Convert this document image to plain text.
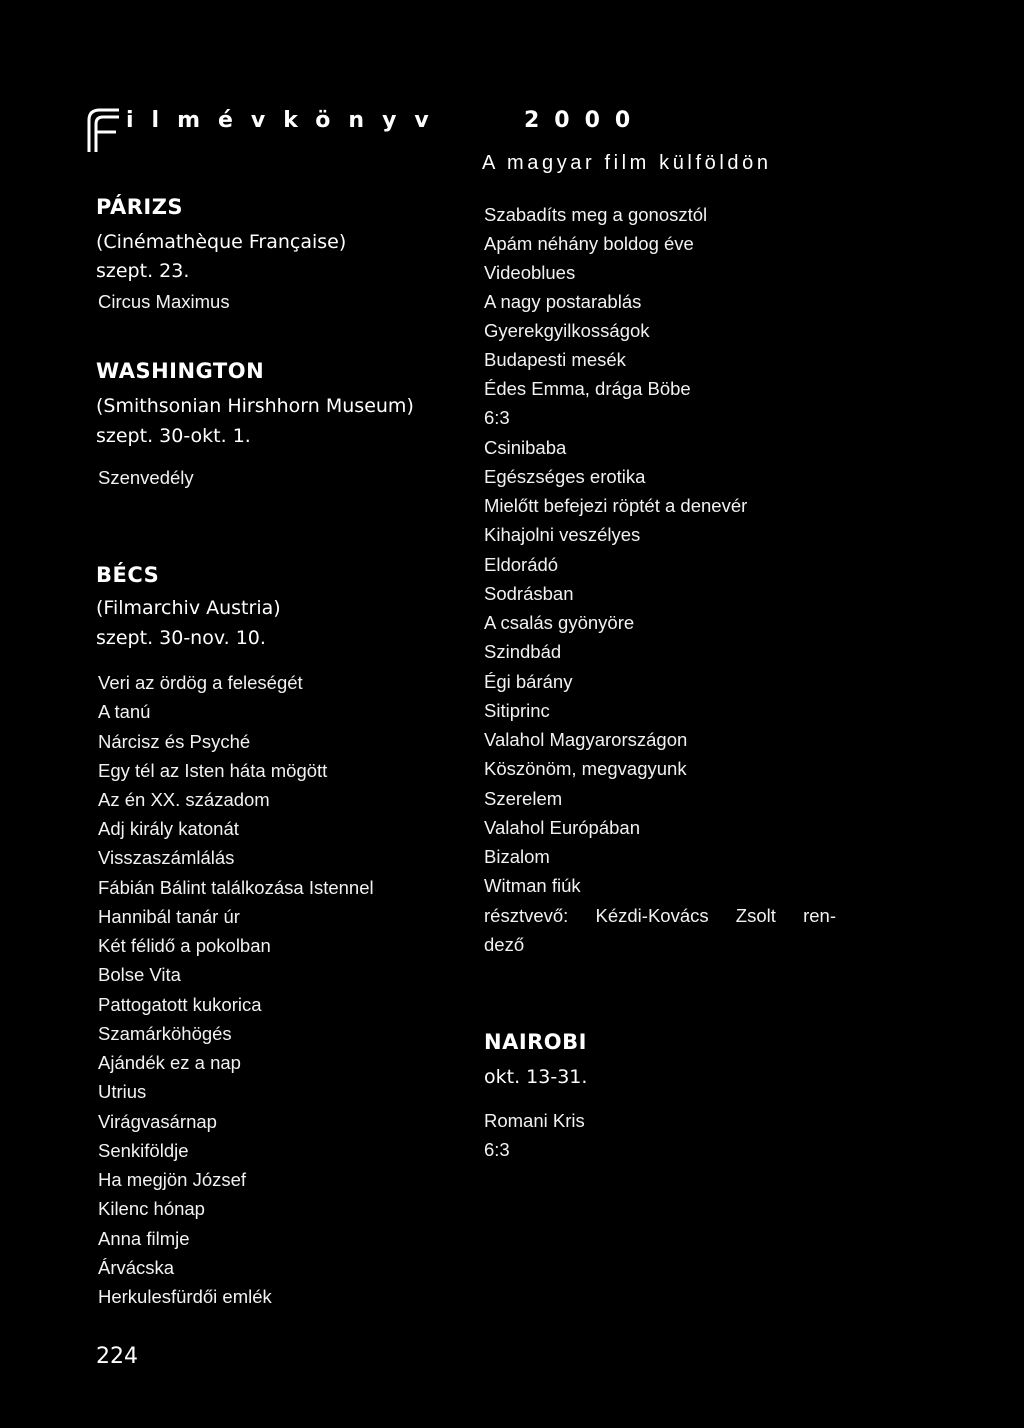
ilmévkönyv	2000
A magyar film külföldön
PÁRIZS
(Cinémathèque Française)
szept. 23.
Circus Maximus
WASHINGTON
(Smithsonian Hirshhorn Museum)
szept. 30-okt. 1.
Szenvedély
BÉCS
(Filmarchiv Austria)
szept. 30-nov. 10.
Veri az ördög a feleségét
A tanú
Nárcisz és Psyché
Egy tél az Isten háta mögött
Az én XX. századom
Adj király katonát
Visszaszámlálás
Fábián Bálint találkozása Istennel
Hannibál tanár úr
Két félidő a pokolban
Bolse Vita
Pattogatott kukorica
Szamárköhögés
Ajándék ez a nap
Utrius
Virágvasárnap
Senkiföldje
Ha megjön József
Kilenc hónap
Anna filmje
Árvácska
Herkulesfürdői emlék
Szabadíts meg a gonosztól
Apám néhány boldog éve
Videoblues
A nagy postarablás
Gyerekgyilkosságok
Budapesti mesék
Édes Emma, drága Böbe
6:3
Csinibaba
Egészséges erotika
Mielőtt befejezi röptét a denevér
Kihajolni veszélyes
Eldorádó
Sodrásban
A csalás gyönyöre
Szindbád
Égi bárány
Sitiprinc
Valahol Magyarországon
Köszönöm, megvagyunk
Szerelem
Valahol Európában
Bizalom
Witman fiúk
résztvevő: Kézdi-Kovács Zsolt ren-
dező
NAIROBI
okt. 13-31.
Romani Kris
6:3
224
